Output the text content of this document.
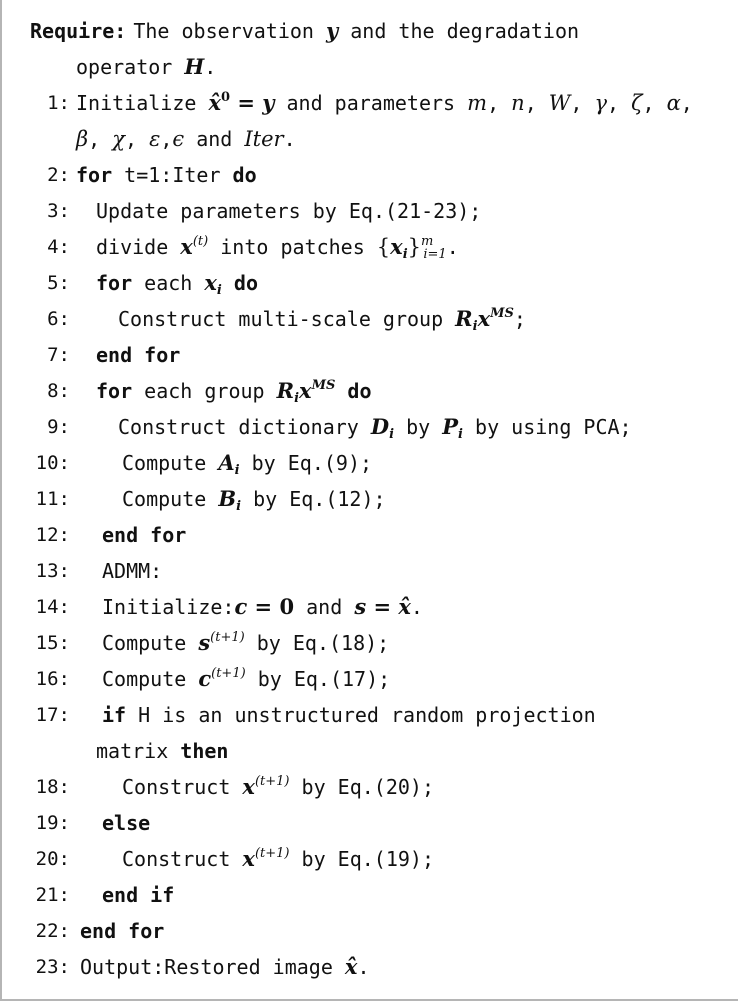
Require: The observation y and the degradation
operator H.
1: Initialize x̂$^0$ = y and parameters m, n, W, γ, ζ, α,
β, χ, ε,ϵ and Iter.
2: for t=1:Iter do
3: Update parameters by Eq.(21-23);
4: divide $x^{(t)}$ into patches $\{x_i\}^m_{i=1}$.
5: for each $x_i$ do
6: Construct multi-scale group $R_ix^{MS}$;
7: end for
8: for each group $R_ix^{MS}$ do
9: Construct dictionary $D_i$ by $P_i$ by using PCA;
10:	Compute $A_i$ by Eq.(9);
11:	Compute $B_i$ by Eq.(12);
12: end for
13: ADMM:
14: Initialize:c = 0 and s = x̂.
15: Compute $s^{(t+1)}$ by Eq.(18);
16: Compute $c^{(t+1)}$ by Eq.(17);
17: if H is an unstructured random projection
matrix then
18:	Construct $x^{(t+1)}$ by Eq.(20);
19: else
20:	Construct $x^{(t+1)}$ by Eq.(19);
21: end if
22: end for
23: Output:Restored image x̂.
